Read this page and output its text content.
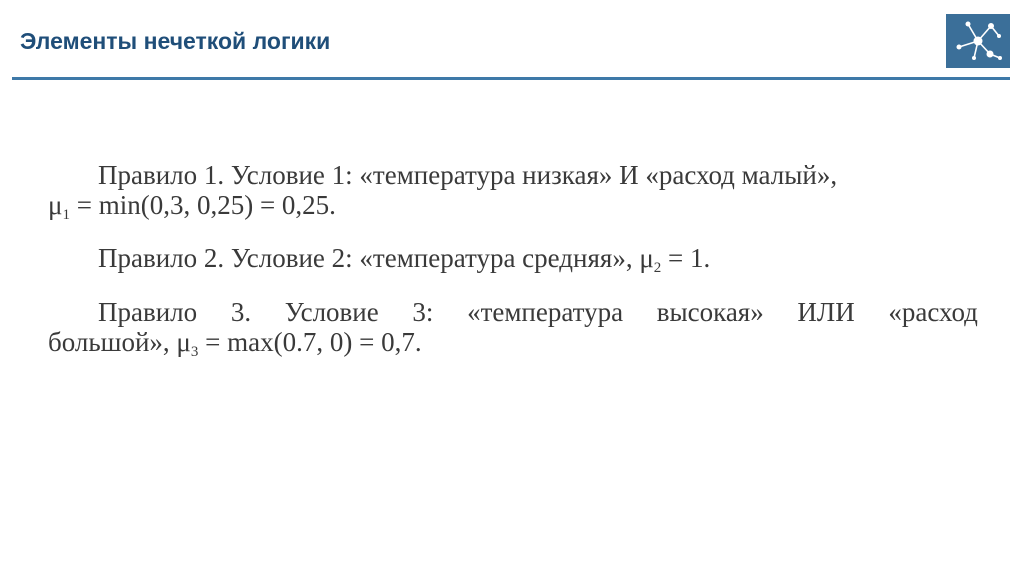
Элементы нечеткой логики
Правило 1. Условие 1: «температура низкая» И «расход малый»,
$\mu_1 = \min(0,3$, 0,25) = 0,25.
Правило 2. Условие 2: «температура средняя», $\mu_2 = 1$.
Правило 3. Условие 3: «температура высокая» ИЛИ «расход
большой», $\mu_3 = \max(0.7$, 0) = 0,7.
